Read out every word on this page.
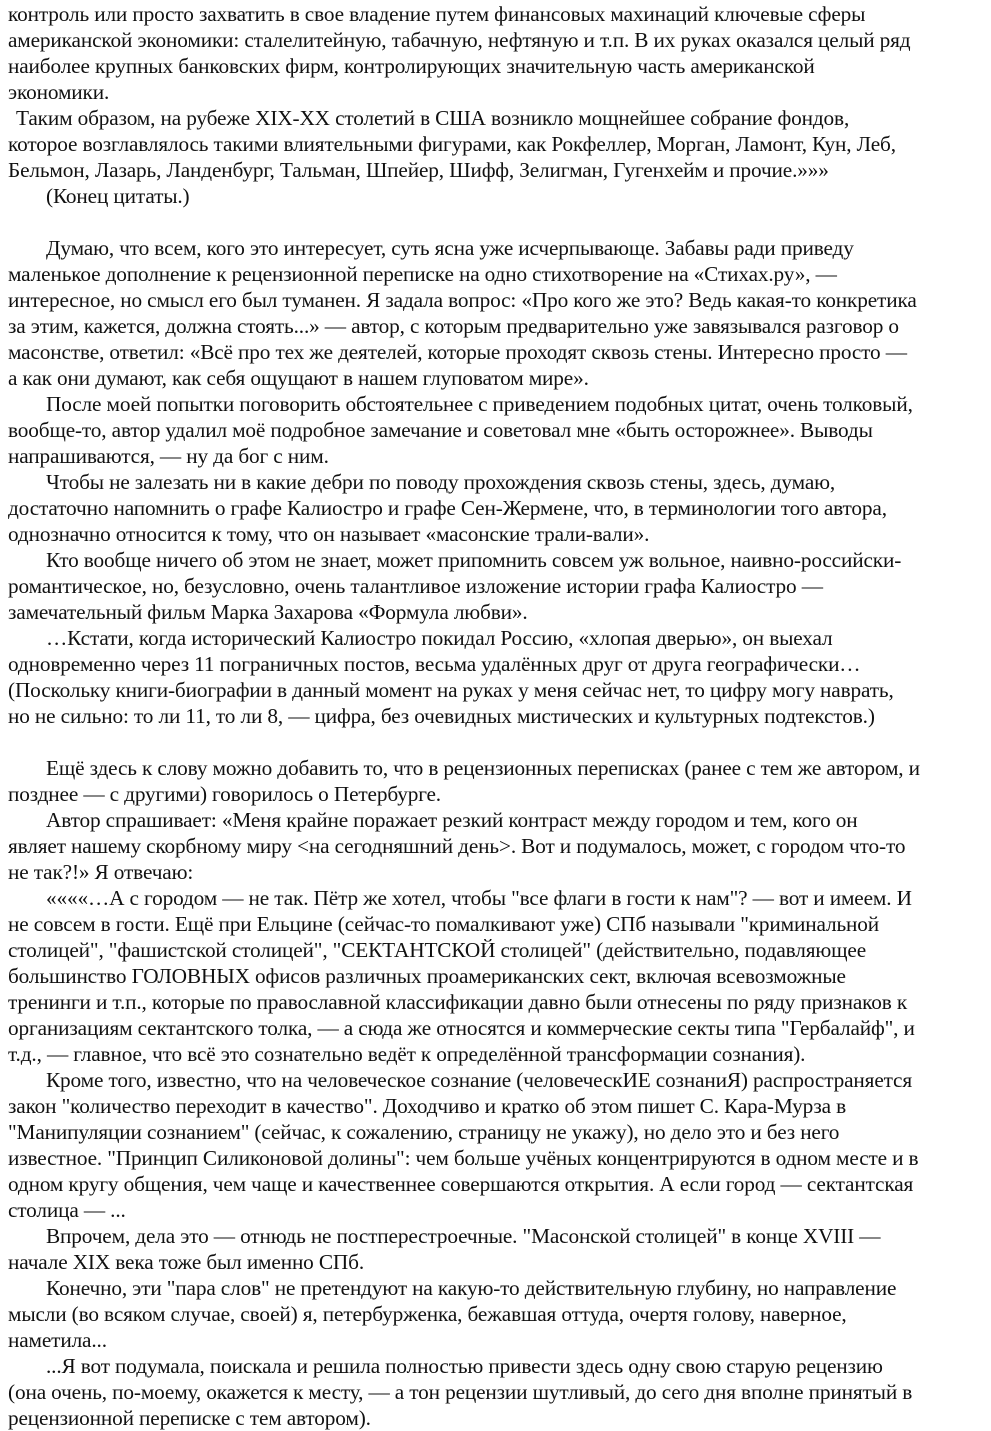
контроль или просто захватить в свое владение путем финансовых махинаций ключевые сферы
американской экономики: сталелитейную, табачную, нефтяную и т.п. В их руках оказался целый ряд
наиболее крупных банковских фирм, контролирующих значительную часть американской
экономики.
Таким образом, на рубеже XIX-XX столетий в США возникло мощнейшее собрание фондов,
которое возглавлялось такими влиятельными фигурами, как Рокфеллер, Морган, Ламонт, Кун, Леб,
Бельмон, Лазарь, Ланденбург, Тальман, Шпейер, Шифф, Зелигман, Гугенхейм и прочие.»»»
(Конец цитаты.)
Думаю, что всем, кого это интересует, суть ясна уже исчерпывающе. Забавы ради приведу
маленькое дополнение к рецензионной переписке на одно стихотворение на «Стихах.ру», —
интересное, но смысл его был туманен. Я задала вопрос: «Про кого же это? Ведь какая-то конкретика
за этим, кажется, должна стоять...» — автор, с которым предварительно уже завязывался разговор о
масонстве, ответил: «Всё про тех же деятелей, которые проходят сквозь стены. Интересно просто —
а как они думают, как себя ощущают в нашем глуповатом мире».
После моей попытки поговорить обстоятельнее с приведением подобных цитат, очень толковый,
вообще-то, автор удалил моё подробное замечание и советовал мне «быть осторожнее». Выводы
напрашиваются, — ну да бог с ним.
Чтобы не залезать ни в какие дебри по поводу прохождения сквозь стены, здесь, думаю,
достаточно напомнить о графе Калиостро и графе Сен-Жермене, что, в терминологии того автора,
однозначно относится к тому, что он называет «масонские трали-вали».
Кто вообще ничего об этом не знает, может припомнить совсем уж вольное, наивно-российски-
романтическое, но, безусловно, очень талантливое изложение истории графа Калиостро —
замечательный фильм Марка Захарова «Формула любви».
…Кстати, когда исторический Калиостро покидал Россию, «хлопая дверью», он выехал
одновременно через 11 пограничных постов, весьма удалённых друг от друга географически…
(Поскольку книги-биографии в данный момент на руках у меня сейчас нет, то цифру могу наврать,
но не сильно: то ли 11, то ли 8, — цифра, без очевидных мистических и культурных подтекстов.)
Ещё здесь к слову можно добавить то, что в рецензионных переписках (ранее с тем же автором, и
позднее — с другими) говорилось о Петербурге.
Автор спрашивает: «Меня крайне поражает резкий контраст между городом и тем, кого он
являет нашему скорбному миру <на сегодняшний день>. Вот и подумалось, может, с городом что-то
не так?!» Я отвечаю:
««««…А с городом — не так. Пётр же хотел, чтобы "все флаги в гости к нам"? — вот и имеем. И
не совсем в гости. Ещё при Ельцине (сейчас-то помалкивают уже) СПб называли "криминальной
столицей", "фашистской столицей", "СЕКТАНТСКОЙ столицей" (действительно, подавляющее
большинство ГОЛОВНЫХ офисов различных проамериканских сект, включая всевозможные
тренинги и т.п., которые по православной классификации давно были отнесены по ряду признаков к
организациям сектантского толка, — а сюда же относятся и коммерческие секты типа "Гербалайф", и
т.д., — главное, что всё это сознательно ведёт к определённой трансформации сознания).
Кроме того, известно, что на человеческое сознание (человеческИЕ сознаниЯ) распространяется
закон "количество переходит в качество". Доходчиво и кратко об этом пишет С. Кара-Мурза в
"Манипуляции сознанием" (сейчас, к сожалению, страницу не укажу), но дело это и без него
известное. "Принцип Силиконовой долины": чем больше учёных концентрируются в одном месте и в
одном кругу общения, чем чаще и качественнее совершаются открытия. А если город — сектантская
столица — ...
Впрочем, дела это — отнюдь не постперестроечные. "Масонской столицей" в конце XVIII —
начале XIX века тоже был именно СПб.
Конечно, эти "пара слов" не претендуют на какую-то действительную глубину, но направление
мысли (во всяком случае, своей) я, петербурженка, бежавшая оттуда, очертя голову, наверное,
наметила...
...Я вот подумала, поискала и решила полностью привести здесь одну свою старую рецензию
(она очень, по-моему, окажется к месту, — а тон рецензии шутливый, до сего дня вполне принятый в
рецензионной переписке с тем автором).
